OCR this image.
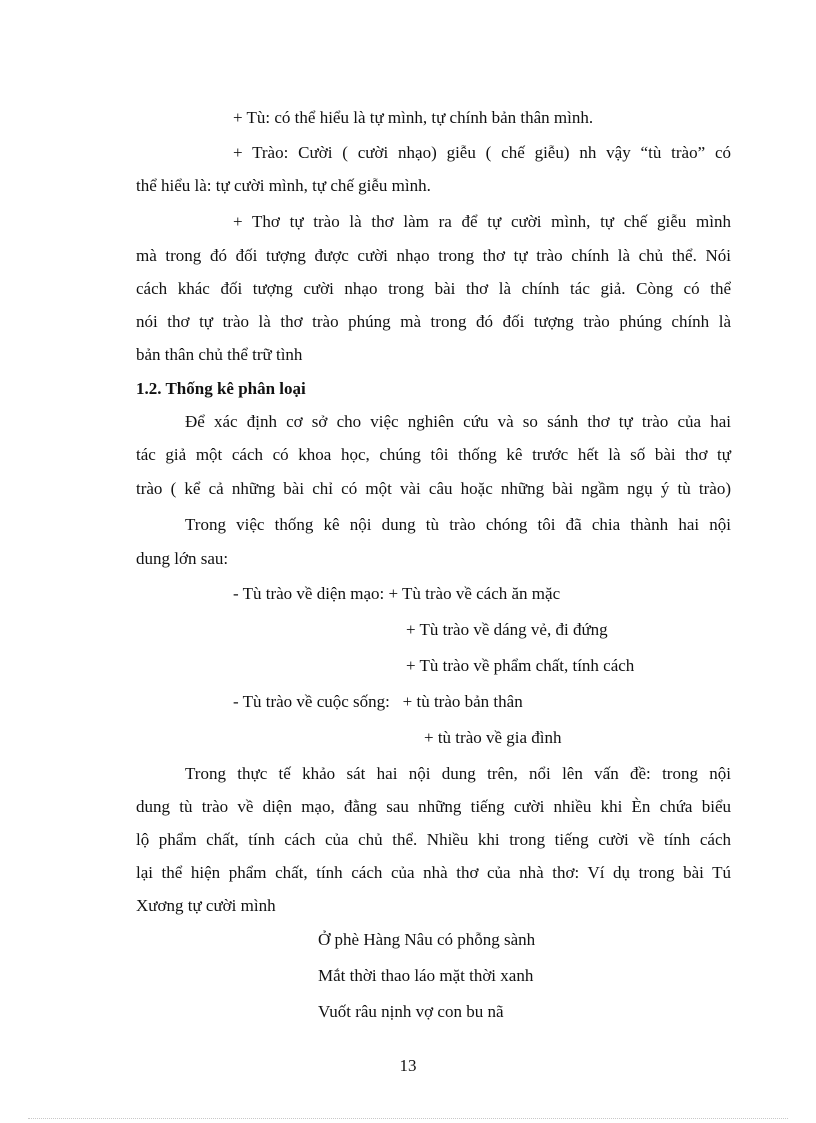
+ Tù: có thể hiểu là tự mình, tự chính bản thân mình.
+ Trào: Cười ( cười nhạo) giễu ( chế giễu) nh vậy “tù trào” có
thể hiểu là: tự cười mình, tự chế giễu mình.
+ Thơ tự trào là thơ làm ra để tự cười mình, tự chế giễu mình
mà trong đó đối tượng được cười nhạo trong thơ tự trào chính là chủ thể. Nói
cách khác đối tượng cười nhạo trong bài thơ là chính tác giả. Còng có thể
nói thơ tự trào là thơ trào phúng mà trong đó đối tượng trào phúng chính là
bản thân chủ thể trữ tình
1.2. Thống kê phân loại
Để xác định cơ sở cho việc nghiên cứu và so sánh thơ tự trào của hai
tác giả một cách có khoa học, chúng tôi thống kê trước hết là số bài thơ tự
trào ( kể cả những bài chỉ có một vài câu hoặc những bài ngầm ngụ ý tù trào)
Trong việc thống kê nội dung tù trào chóng tôi đã chia thành hai nội
dung lớn sau:
- Tù trào về diện mạo: + Tù trào về cách ăn mặc
+ Tù trào về dáng vẻ, đi đứng
+ Tù trào về phẩm chất, tính cách
- Tù trào về cuộc sống:   + tù trào bản thân
+ tù trào về gia đình
Trong thực tế khảo sát hai nội dung trên, nổi lên vấn đề: trong nội
dung tù trào về diện mạo, đằng sau những tiếng cười nhiều khi Èn chứa biểu
lộ phẩm chất, tính cách của chủ thể. Nhiều khi trong tiếng cười về tính cách
lại thể hiện phẩm chất, tính cách của nhà thơ của nhà thơ: Ví dụ trong bài Tú
Xương tự cười mình
Ở phè Hàng Nâu có phỗng sành
Mắt thời thao láo mặt thời xanh
Vuốt râu nịnh vợ con bu nã
13
